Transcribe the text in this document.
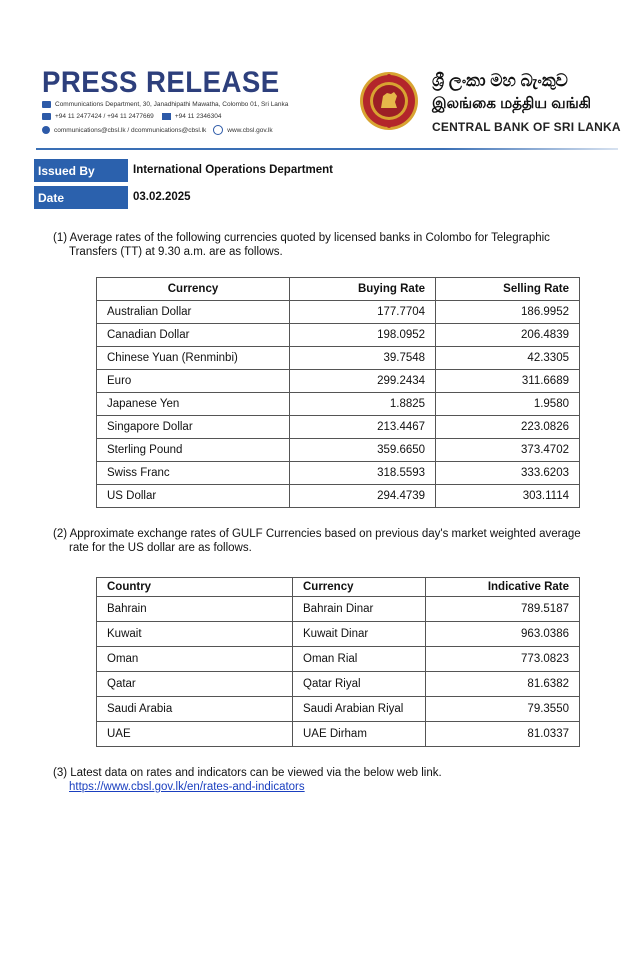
PRESS RELEASE
Communications Department, 30, Janadhipathi Mawatha, Colombo 01, Sri Lanka
+94 11 2477424 / +94 11 2477669	+94 11 2346304
communications@cbsl.lk / dcommunications@cbsl.lk	www.cbsl.gov.lk
ශ්‍රී ලංකා මහ බැංකුව
இலங்கை மத்திய வங்கி
CENTRAL BANK OF SRI LANKA
Issued By	International Operations Department
Date	03.02.2025
(1) Average rates of the following currencies quoted by licensed banks in Colombo for Telegraphic
Transfers (TT) at 9.30 a.m. are as follows.
Currency	Buying Rate	Selling Rate
Australian Dollar	177.7704	186.9952
Canadian Dollar	198.0952	206.4839
Chinese Yuan (Renminbi)	39.7548	42.3305
Euro	299.2434	311.6689
Japanese Yen	1.8825	1.9580
Singapore Dollar	213.4467	223.0826
Sterling Pound	359.6650	373.4702
Swiss Franc	318.5593	333.6203
US Dollar	294.4739	303.1114
(2) Approximate exchange rates of GULF Currencies based on previous day's market weighted average
rate for the US dollar are as follows.
Country	Currency	Indicative Rate
Bahrain	Bahrain Dinar	789.5187
Kuwait	Kuwait Dinar	963.0386
Oman	Oman Rial	773.0823
Qatar	Qatar Riyal	81.6382
Saudi Arabia	Saudi Arabian Riyal	79.3550
UAE	UAE Dirham	81.0337
(3) Latest data on rates and indicators can be viewed via the below web link.
https://www.cbsl.gov.lk/en/rates-and-indicators
